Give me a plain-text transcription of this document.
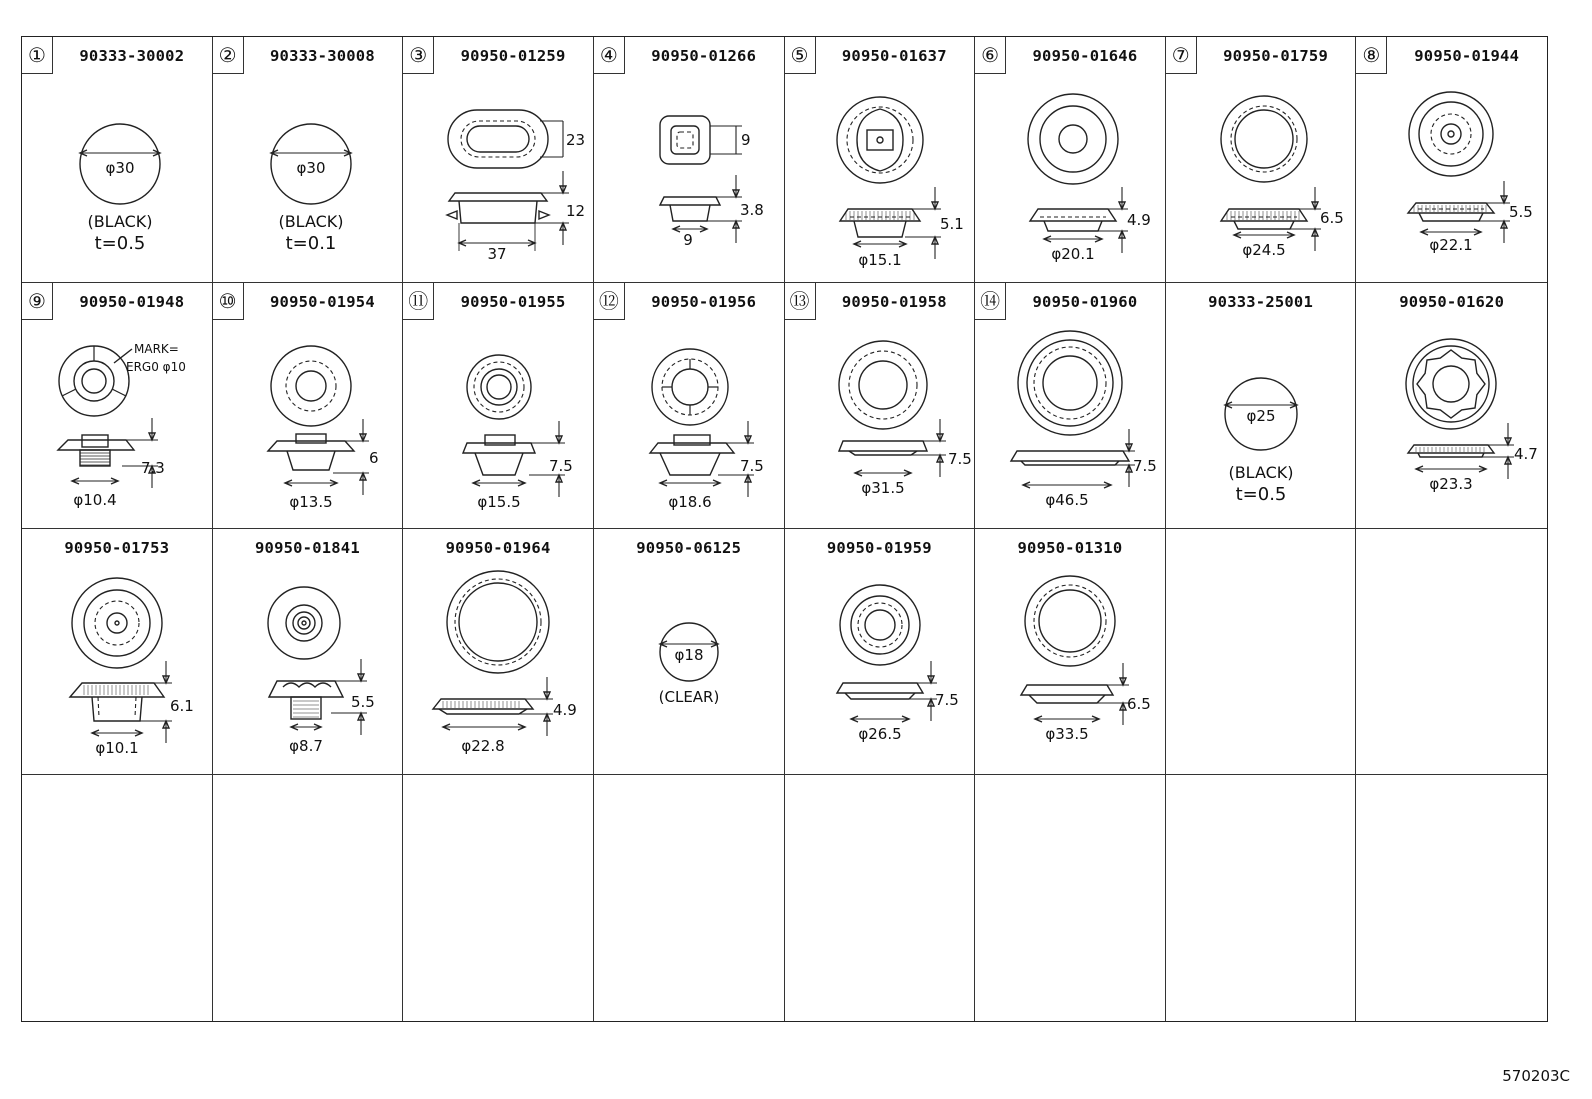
①	90333-30002
φ30
(BLACK)
t=0.5
②	90333-30008
φ30
(BLACK)
t=0.1
③	90950-01259
23
12
37
④	90950-01266
9
3.8
9
⑤	90950-01637
5.1
φ15.1
⑥	90950-01646
4.9
φ20.1
⑦	90950-01759
6.5
φ24.5
⑧	90950-01944
5.5
φ22.1
⑨	90950-01948
MARK=
ERG0 φ10
7.3
φ10.4
⑩	90950-01954
6
φ13.5
⑪	90950-01955
7.5
φ15.5
⑫	90950-01956
7.5
φ18.6
⑬	90950-01958
7.5
φ31.5
⑭	90950-01960
7.5
φ46.5
90333-25001
φ25
(BLACK)
t=0.5
90950-01620
4.7
φ23.3
90950-01753
6.1
φ10.1
90950-01841
5.5
φ8.7
90950-01964
4.9
φ22.8
90950-06125
φ18
(CLEAR)
90950-01959
7.5
φ26.5
90950-01310
6.5
φ33.5
570203C
